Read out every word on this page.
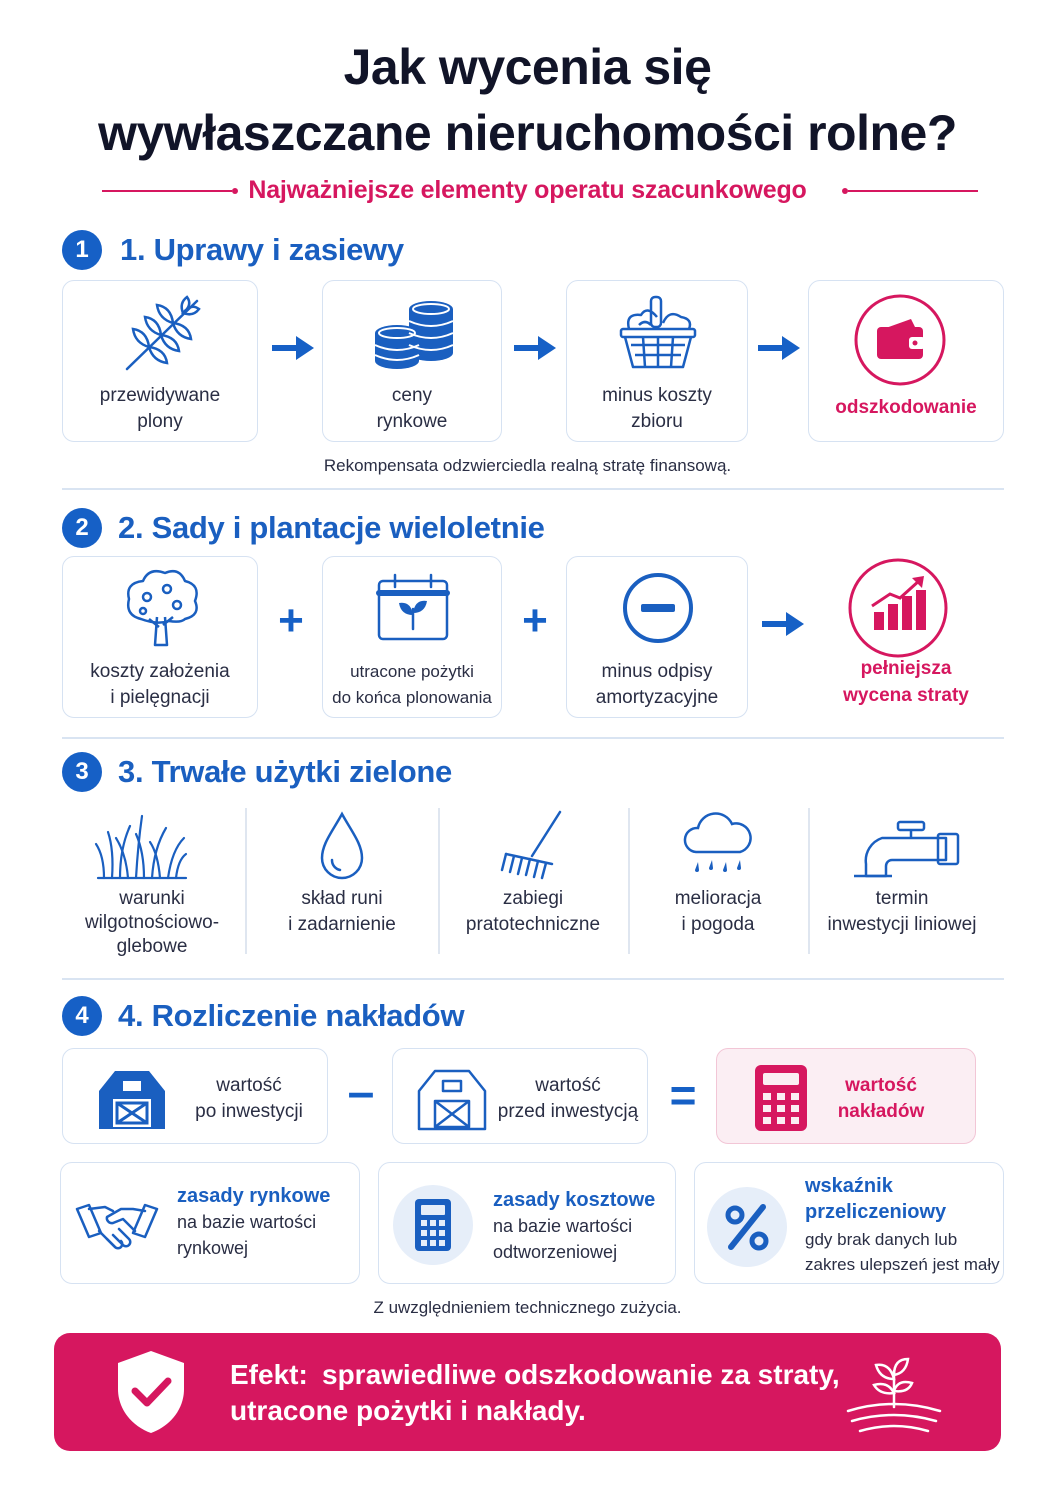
Jak wycenia się
wywłaszczane nieruchomości rolne?
Najważniejsze elementy operatu szacunkowego
1	1. Uprawy i zasiewy
przewidywane
plony
ceny
rynkowe
minus koszty
zbioru
odszkodowanie
Rekompensata odzwierciedla realną stratę finansową.
2 2. Sady i plantacje wieloletnie
koszty założenia
i pielęgnacji
+
utracone pożytki
do końca plonowania
+
minus odpisy
amortyzacyjne
pełniejsza
wycena straty
3 3. Trwałe użytki zielone
warunki
wilgotnościowo-
glebowe
skład runi
i zadarnienie
zabiegi
pratotechniczne
melioracja
i pogoda
termin
inwestycji liniowej
4 4. Rozliczenie nakładów
wartość
po inwestycji –	wartość
przed inwestycją =	wartość
nakładów
zasady rynkowe
na bazie wartości
rynkowej
zasady kosztowe
na bazie wartości
odtworzeniowej
wskaźnik
przeliczeniowy
gdy brak danych lub
zakres ulepszeń jest mały
Z uwzględnieniem technicznego zużycia.
Efekt: sprawiedliwe odszkodowanie za straty,
utracone pożytki i nakłady.
